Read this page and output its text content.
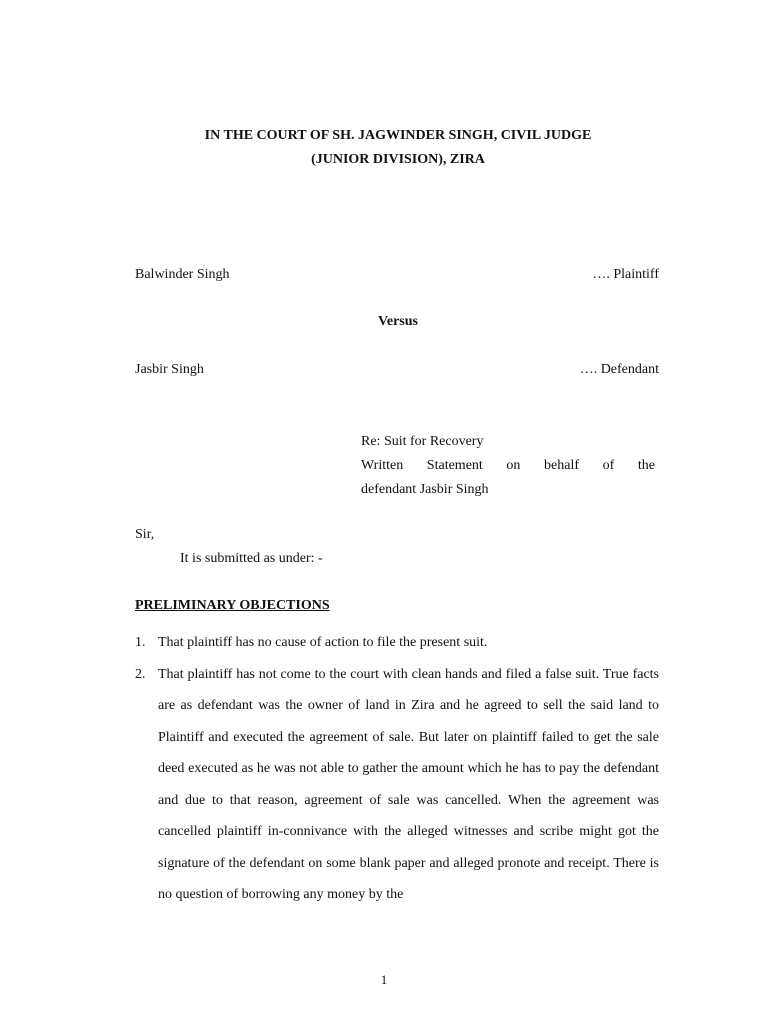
IN THE COURT OF SH. JAGWINDER SINGH, CIVIL JUDGE
(JUNIOR DIVISION), ZIRA
Balwinder Singh	…. Plaintiff
Versus
Jasbir Singh	…. Defendant
Re: Suit for Recovery
Written Statement on behalf of the
defendant Jasbir Singh
Sir,
It is submitted as under: -
PRELIMINARY OBJECTIONS
1. That plaintiff has no cause of action to file the present suit.
2. That plaintiff has not come to the court with clean hands and filed a false suit. True facts are as defendant was the owner of land in Zira and he agreed to sell the said land to Plaintiff and executed the agreement of sale. But later on plaintiff failed to get the sale deed executed as he was not able to gather the amount which he has to pay the defendant and due to that reason, agreement of sale was cancelled. When the agreement was cancelled plaintiff in-connivance with the alleged witnesses and scribe might got the signature of the defendant on some blank paper and alleged pronote and receipt. There is no question of borrowing any money by the
1
